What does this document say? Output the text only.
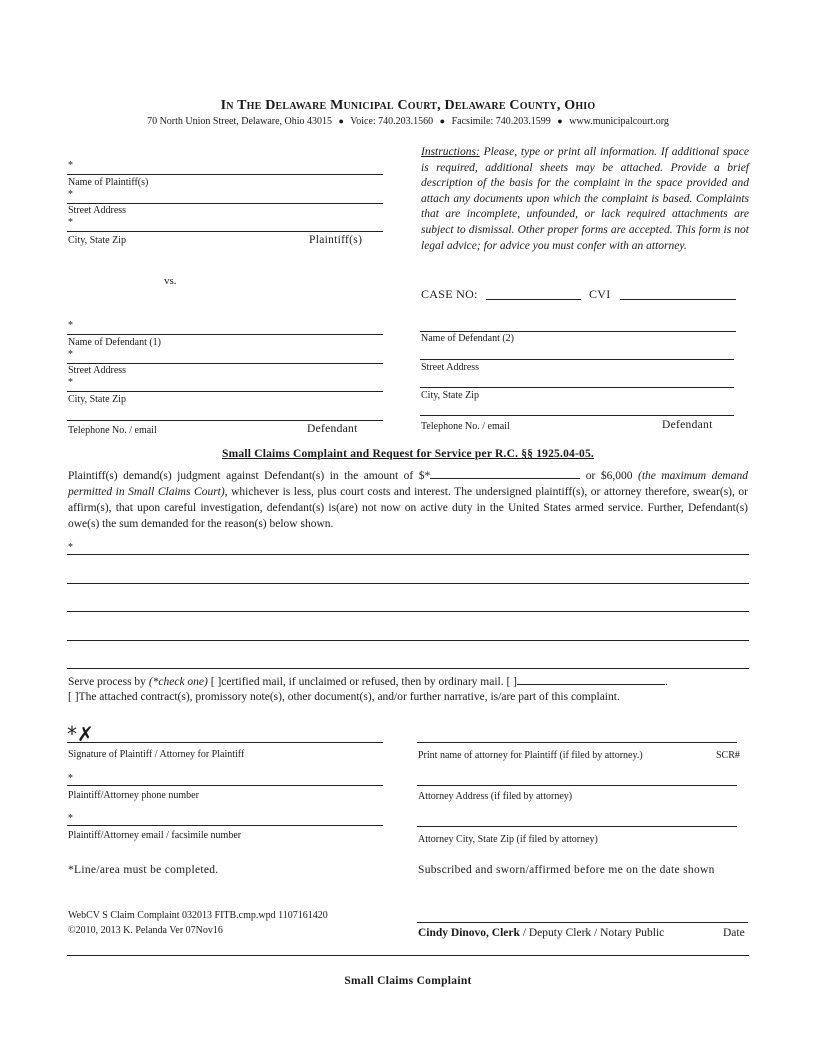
In The Delaware Municipal Court, Delaware County, Ohio
70 North Union Street, Delaware, Ohio 43015 ● Voice: 740.203.1560 ● Facsimile: 740.203.1599 ● www.municipalcourt.org
*
Name of Plaintiff(s)
*
Street Address
*
City, State Zip	Plaintiff(s)
Instructions: Please, type or print all information. If additional space is required, additional sheets may be attached. Provide a brief description of the basis for the complaint in the space provided and attach any documents upon which the complaint is based. Complaints that are incomplete, unfounded, or lack required attachments are subject to dismissal. Other proper forms are accepted. This form is not legal advice; for advice you must confer with an attorney.
vs.
CASE NO:	CVI
*
Name of Defendant (1)
*
Street Address
*
City, State Zip
Telephone No. / email	Defendant
Name of Defendant (2)
Street Address
City, State Zip
Telephone No. / email	Defendant
Small Claims Complaint and Request for Service per R.C. §§ 1925.04-05.
Plaintiff(s) demand(s) judgment against Defendant(s) in the amount of $*	or $6,000 (the maximum demand permitted in Small Claims Court), whichever is less, plus court costs and interest. The undersigned plaintiff(s), or attorney therefore, swear(s), or affirm(s), that upon careful investigation, defendant(s) is(are) not now on active duty in the United States armed service. Further, Defendant(s) owe(s) the sum demanded for the reason(s) below shown.
*
Serve process by (*check one) [ ]certified mail, if unclaimed or refused, then by ordinary mail. [ ]	.
[ ]The attached contract(s), promissory note(s), other document(s), and/or further narrative, is/are part of this complaint.
*✗
Signature of Plaintiff / Attorney for Plaintiff
*
Plaintiff/Attorney phone number
*
Plaintiff/Attorney email / facsimile number
Print name of attorney for Plaintiff (if filed by attorney.)	SCR#
Attorney Address (if filed by attorney)
Attorney City, State Zip (if filed by attorney)
*Line/area must be completed.	Subscribed and sworn/affirmed before me on the date shown
WebCV S Claim Complaint 032013 FITB.cmp.wpd 1107161420
©2010, 2013 K. Pelanda Ver 07Nov16	Cindy Dinovo, Clerk / Deputy Clerk / Notary Public	Date
Small Claims Complaint
